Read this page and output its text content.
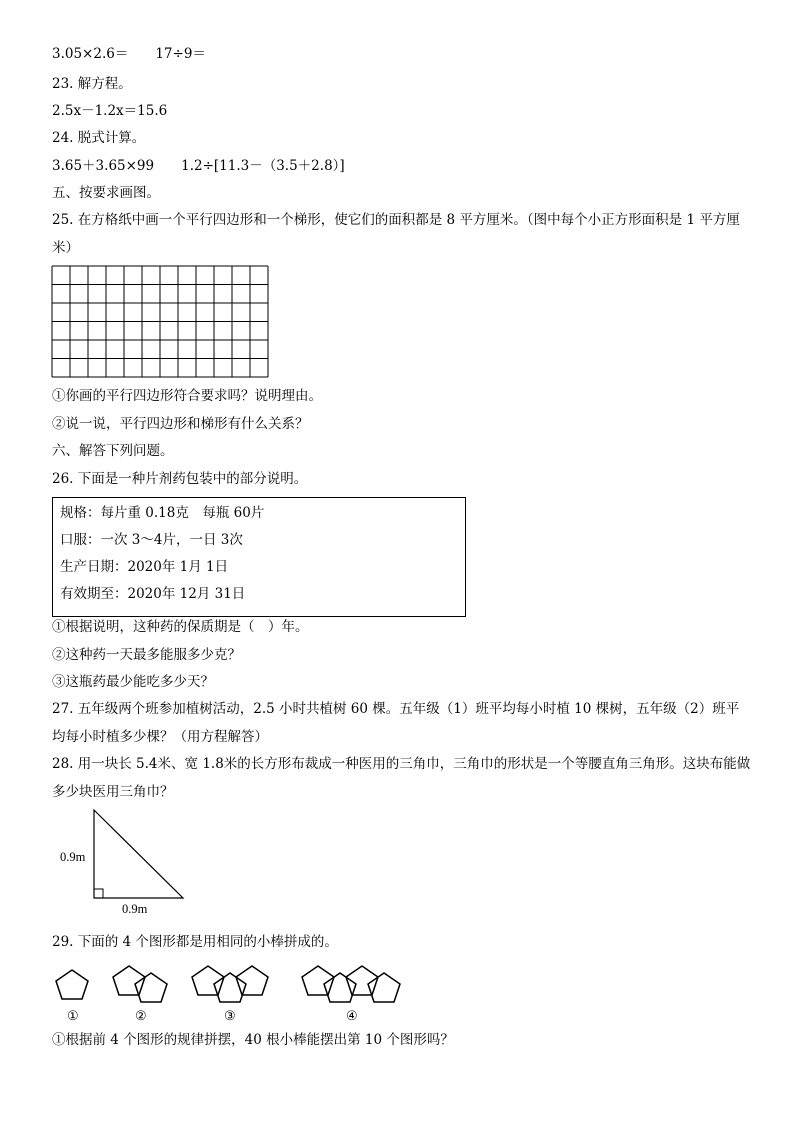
3.05×2.6＝　　17÷9＝
23. 解方程。
2.5x－1.2x＝15.6
24. 脱式计算。
3.65＋3.65×99　　1.2÷[11.3－（3.5＋2.8）]
五、按要求画图。
25. 在方格纸中画一个平行四边形和一个梯形，使它们的面积都是 8 平方厘米。（图中每个小正方形面积是 1 平方厘米）
①你画的平行四边形符合要求吗？说明理由。
②说一说，平行四边形和梯形有什么关系？
六、解答下列问题。
26. 下面是一种片剂药包装中的部分说明。
规格：每片重 0.18克　每瓶 60片
口服：一次 3～4片，一日 3次
生产日期：2020年 1月 1日
有效期至：2020年 12月 31日
①根据说明，这种药的保质期是（　）年。
②这种药一天最多能服多少克？
③这瓶药最少能吃多少天？
27. 五年级两个班参加植树活动，2.5 小时共植树 60 棵。五年级（1）班平均每小时植 10 棵树，五年级（2）班平均每小时植多少棵？（用方程解答）
28. 用一块长 5.4米、宽 1.8米的长方形布裁成一种医用的三角巾，三角巾的形状是一个等腰直角三角形。这块布能做多少块医用三角巾？
0.9m
0.9m
29. 下面的 4 个图形都是用相同的小棒拼成的。
①	②	③	④
①根据前 4 个图形的规律拼摆，40 根小棒能摆出第 10 个图形吗？
